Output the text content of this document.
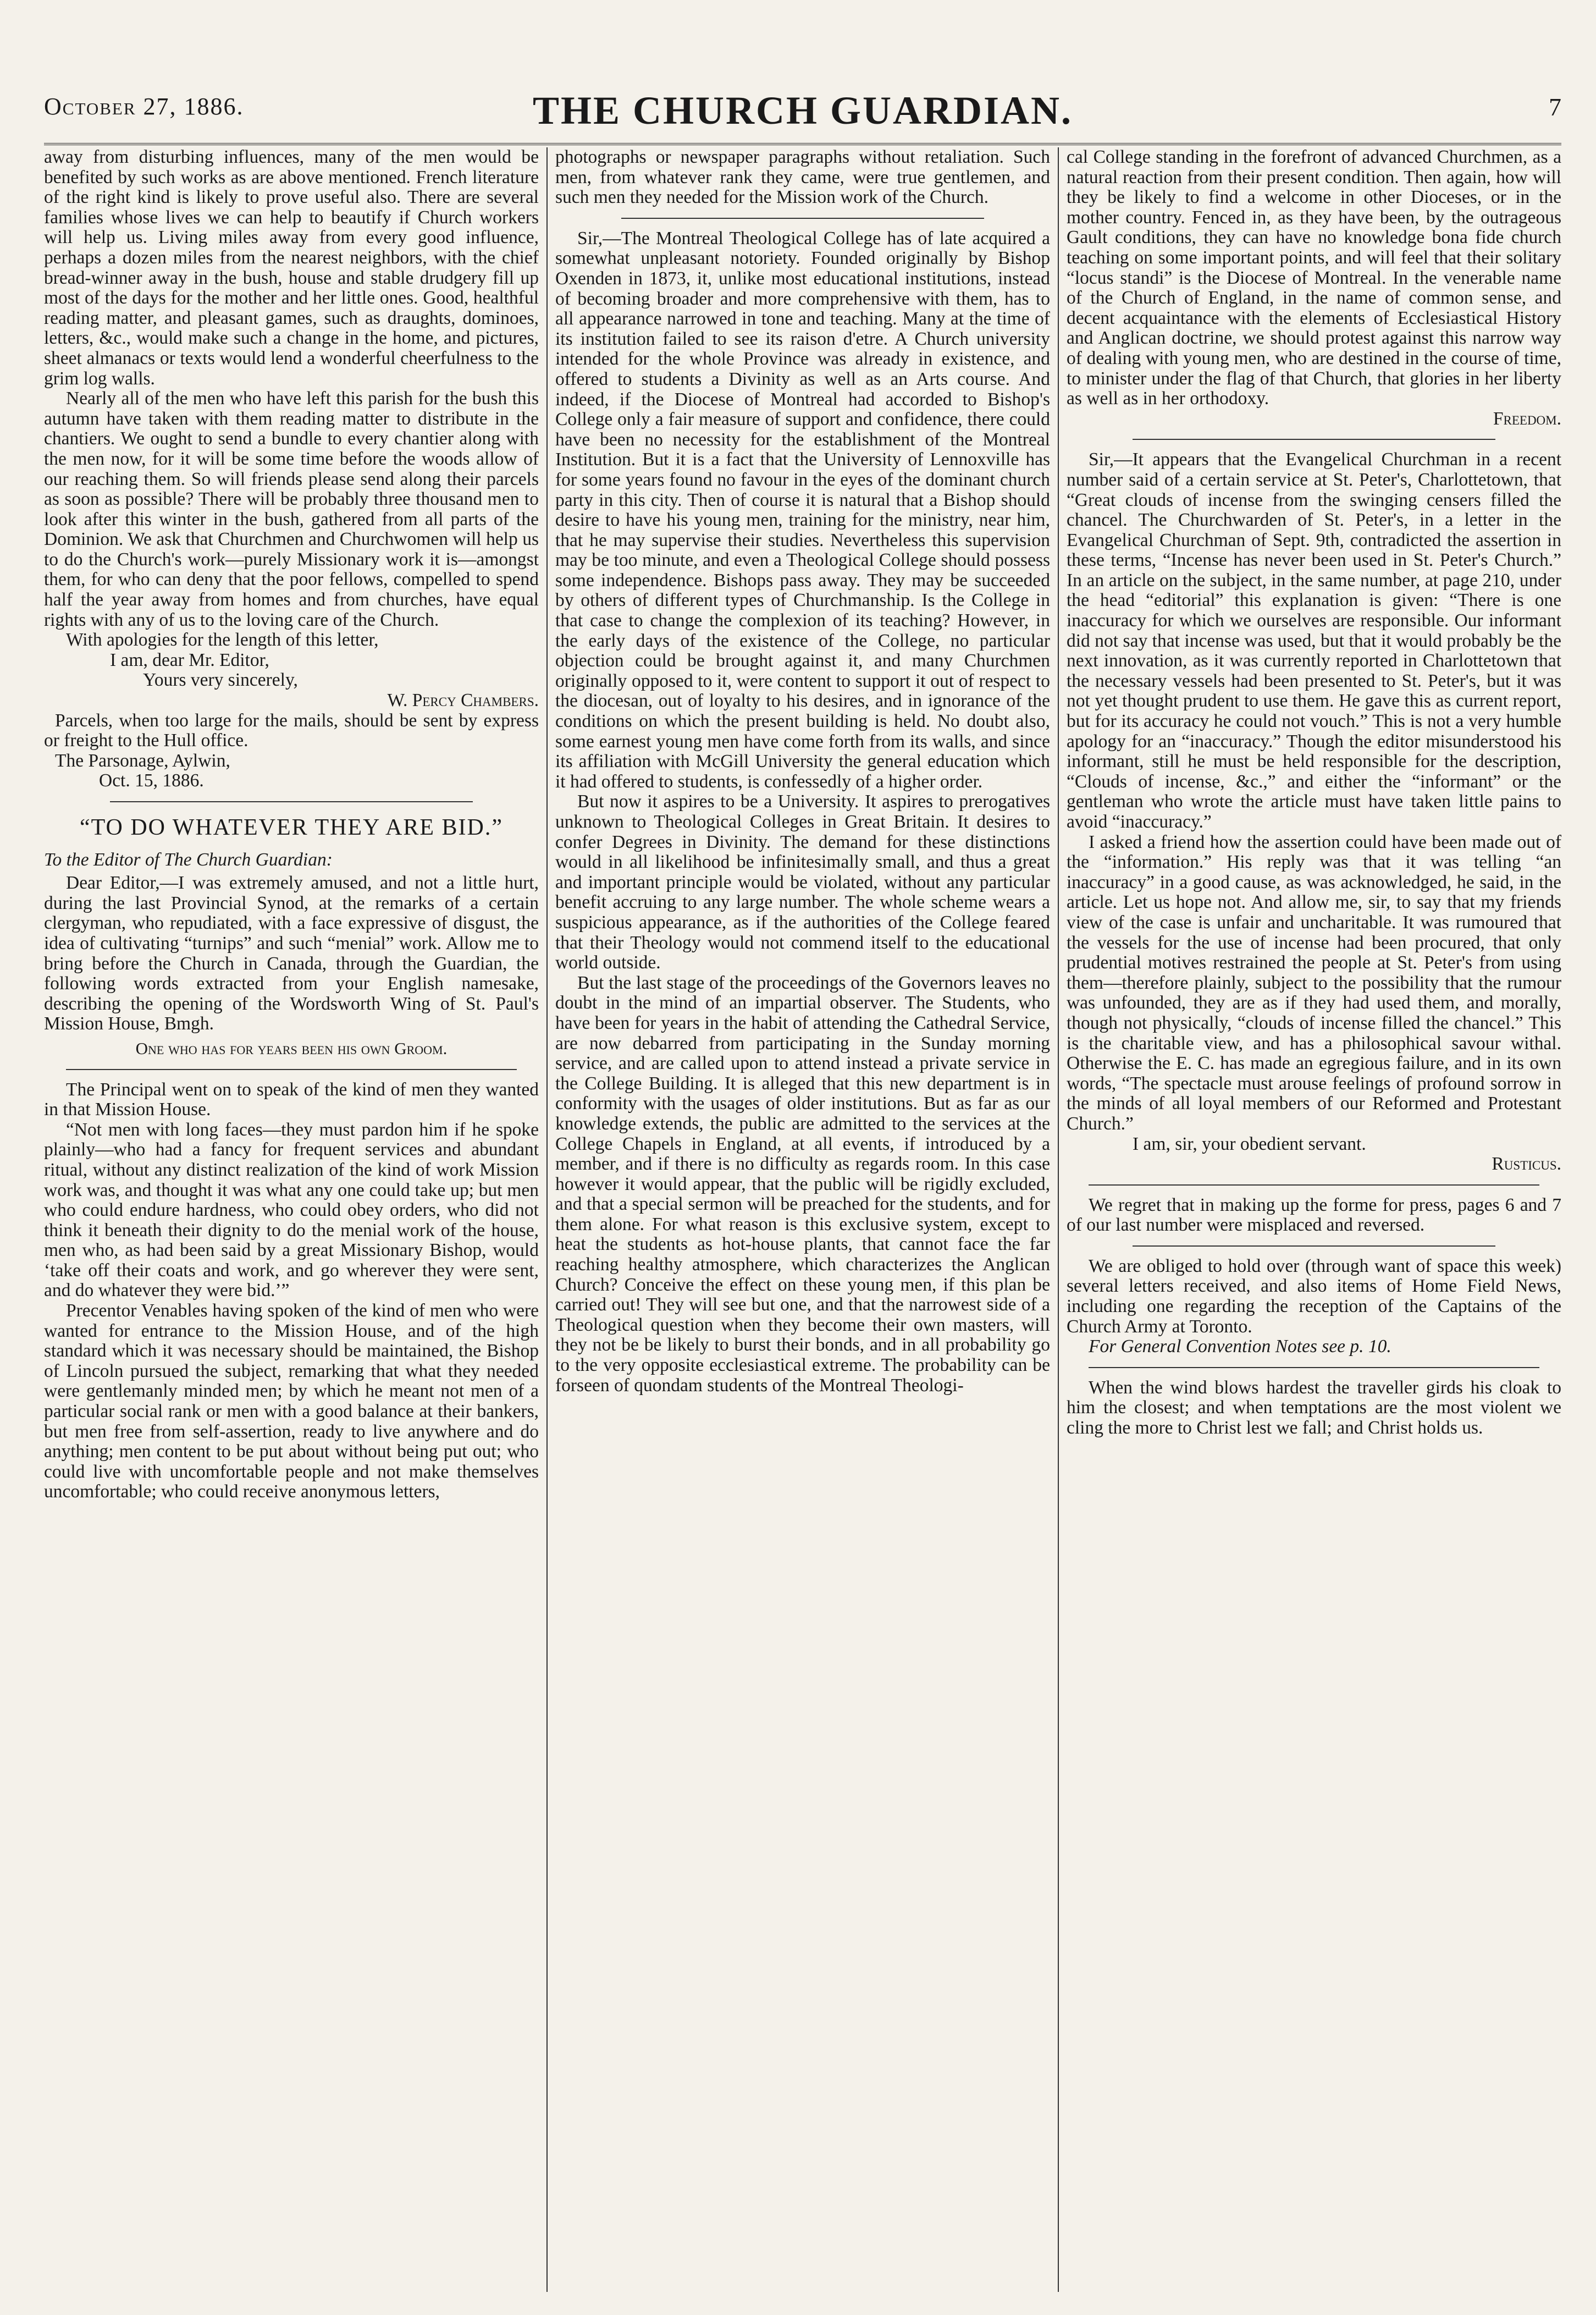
October 27, 1886.	THE CHURCH GUARDIAN.	7

away from disturbing influences, many of the men would be benefited by such works as are above mentioned. French literature of the right kind is likely to prove useful also. There are several families whose lives we can help to beautify if Church workers will help us. Living miles away from every good influence, perhaps a dozen miles from the nearest neighbors, with the chief bread-winner away in the bush, house and stable drudgery fill up most of the days for the mother and her little ones. Good, healthful reading matter, and pleasant games, such as draughts, dominoes, letters, &c., would make such a change in the home, and pictures, sheet almanacs or texts would lend a wonderful cheerfulness to the grim log walls.

Nearly all of the men who have left this parish for the bush this autumn have taken with them reading matter to distribute in the chantiers. We ought to send a bundle to every chantier along with the men now, for it will be some time before the woods allow of our reaching them. So will friends please send along their parcels as soon as possible? There will be probably three thousand men to look after this winter in the bush, gathered from all parts of the Dominion. We ask that Churchmen and Churchwomen will help us to do the Church's work—purely Missionary work it is—amongst them, for who can deny that the poor fellows, compelled to spend half the year away from homes and from churches, have equal rights with any of us to the loving care of the Church.

With apologies for the length of this letter,

I am, dear Mr. Editor,

Yours very sincerely,

W. Percy Chambers.

Parcels, when too large for the mails, should be sent by express or freight to the Hull office.

The Parsonage, Aylwin,

Oct. 15, 1886.

“TO DO WHATEVER THEY ARE BID.”

To the Editor of The Church Guardian:

Dear Editor,—I was extremely amused, and not a little hurt, during the last Provincial Synod, at the remarks of a certain clergyman, who repudiated, with a face expressive of disgust, the idea of cultivating “turnips” and such “menial” work. Allow me to bring before the Church in Canada, through the Guardian, the following words extracted from your English namesake, describing the opening of the Wordsworth Wing of St. Paul's Mission House, Bmgh.

One who has for years been his own Groom.

The Principal went on to speak of the kind of men they wanted in that Mission House.

“Not men with long faces—they must pardon him if he spoke plainly—who had a fancy for frequent services and abundant ritual, without any distinct realization of the kind of work Mission work was, and thought it was what any one could take up; but men who could endure hardness, who could obey orders, who did not think it beneath their dignity to do the menial work of the house, men who, as had been said by a great Missionary Bishop, would ‘take off their coats and work, and go wherever they were sent, and do whatever they were bid.’”

Precentor Venables having spoken of the kind of men who were wanted for entrance to the Mission House, and of the high standard which it was necessary should be maintained, the Bishop of Lincoln pursued the subject, remarking that what they needed were gentlemanly minded men; by which he meant not men of a particular social rank or men with a good balance at their bankers, but men free from self-assertion, ready to live anywhere and do anything; men content to be put about without being put out; who could live with uncomfortable people and not make themselves uncomfortable; who could receive anonymous letters,

photographs or newspaper paragraphs without retaliation. Such men, from whatever rank they came, were true gentlemen, and such men they needed for the Mission work of the Church.

Sir,—The Montreal Theological College has of late acquired a somewhat unpleasant notoriety. Founded originally by Bishop Oxenden in 1873, it, unlike most educational institutions, instead of becoming broader and more comprehensive with them, has to all appearance narrowed in tone and teaching. Many at the time of its institution failed to see its raison d'etre. A Church university intended for the whole Province was already in existence, and offered to students a Divinity as well as an Arts course. And indeed, if the Diocese of Montreal had accorded to Bishop's College only a fair measure of support and confidence, there could have been no necessity for the establishment of the Montreal Institution. But it is a fact that the University of Lennoxville has for some years found no favour in the eyes of the dominant church party in this city. Then of course it is natural that a Bishop should desire to have his young men, training for the ministry, near him, that he may supervise their studies. Nevertheless this supervision may be too minute, and even a Theological College should possess some independence. Bishops pass away. They may be succeeded by others of different types of Churchmanship. Is the College in that case to change the complexion of its teaching? However, in the early days of the existence of the College, no particular objection could be brought against it, and many Churchmen originally opposed to it, were content to support it out of respect to the diocesan, out of loyalty to his desires, and in ignorance of the conditions on which the present building is held. No doubt also, some earnest young men have come forth from its walls, and since its affiliation with McGill University the general education which it had offered to students, is confessedly of a higher order.

But now it aspires to be a University. It aspires to prerogatives unknown to Theological Colleges in Great Britain. It desires to confer Degrees in Divinity. The demand for these distinctions would in all likelihood be infinitesimally small, and thus a great and important principle would be violated, without any particular benefit accruing to any large number. The whole scheme wears a suspicious appearance, as if the authorities of the College feared that their Theology would not commend itself to the educational world outside.

But the last stage of the proceedings of the Governors leaves no doubt in the mind of an impartial observer. The Students, who have been for years in the habit of attending the Cathedral Service, are now debarred from participating in the Sunday morning service, and are called upon to attend instead a private service in the College Building. It is alleged that this new department is in conformity with the usages of older institutions. But as far as our knowledge extends, the public are admitted to the services at the College Chapels in England, at all events, if introduced by a member, and if there is no difficulty as regards room. In this case however it would appear, that the public will be rigidly excluded, and that a special sermon will be preached for the students, and for them alone. For what reason is this exclusive system, except to heat the students as hot-house plants, that cannot face the far reaching healthy atmosphere, which characterizes the Anglican Church? Conceive the effect on these young men, if this plan be carried out! They will see but one, and that the narrowest side of a Theological question when they become their own masters, will they not be be likely to burst their bonds, and in all probability go to the very opposite ecclesiastical extreme. The probability can be forseen of quondam students of the Montreal Theologi-

cal College standing in the forefront of advanced Churchmen, as a natural reaction from their present condition. Then again, how will they be likely to find a welcome in other Dioceses, or in the mother country. Fenced in, as they have been, by the outrageous Gault conditions, they can have no knowledge bona fide church teaching on some important points, and will feel that their solitary “locus standi” is the Diocese of Montreal. In the venerable name of the Church of England, in the name of common sense, and decent acquaintance with the elements of Ecclesiastical History and Anglican doctrine, we should protest against this narrow way of dealing with young men, who are destined in the course of time, to minister under the flag of that Church, that glories in her liberty as well as in her orthodoxy.

Freedom.

Sir,—It appears that the Evangelical Churchman in a recent number said of a certain service at St. Peter's, Charlottetown, that “Great clouds of incense from the swinging censers filled the chancel. The Churchwarden of St. Peter's, in a letter in the Evangelical Churchman of Sept. 9th, contradicted the assertion in these terms, “Incense has never been used in St. Peter's Church.” In an article on the subject, in the same number, at page 210, under the head “editorial” this explanation is given: “There is one inaccuracy for which we ourselves are responsible. Our informant did not say that incense was used, but that it would probably be the next innovation, as it was currently reported in Charlottetown that the necessary vessels had been presented to St. Peter's, but it was not yet thought prudent to use them. He gave this as current report, but for its accuracy he could not vouch.” This is not a very humble apology for an “inaccuracy.” Though the editor misunderstood his informant, still he must be held responsible for the description, “Clouds of incense, &c.,” and either the “informant” or the gentleman who wrote the article must have taken little pains to avoid “inaccuracy.”

I asked a friend how the assertion could have been made out of the “information.” His reply was that it was telling “an inaccuracy” in a good cause, as was acknowledged, he said, in the article. Let us hope not. And allow me, sir, to say that my friends view of the case is unfair and uncharitable. It was rumoured that the vessels for the use of incense had been procured, that only prudential motives restrained the people at St. Peter's from using them—therefore plainly, subject to the possibility that the rumour was unfounded, they are as if they had used them, and morally, though not physically, “clouds of incense filled the chancel.” This is the charitable view, and has a philosophical savour withal. Otherwise the E. C. has made an egregious failure, and in its own words, “The spectacle must arouse feelings of profound sorrow in the minds of all loyal members of our Reformed and Protestant Church.”

I am, sir, your obedient servant.

Rusticus.

We regret that in making up the forme for press, pages 6 and 7 of our last number were misplaced and reversed.

We are obliged to hold over (through want of space this week) several letters received, and also items of Home Field News, including one regarding the reception of the Captains of the Church Army at Toronto.

For General Convention Notes see p. 10.

When the wind blows hardest the traveller girds his cloak to him the closest; and when temptations are the most violent we cling the more to Christ lest we fall; and Christ holds us.
